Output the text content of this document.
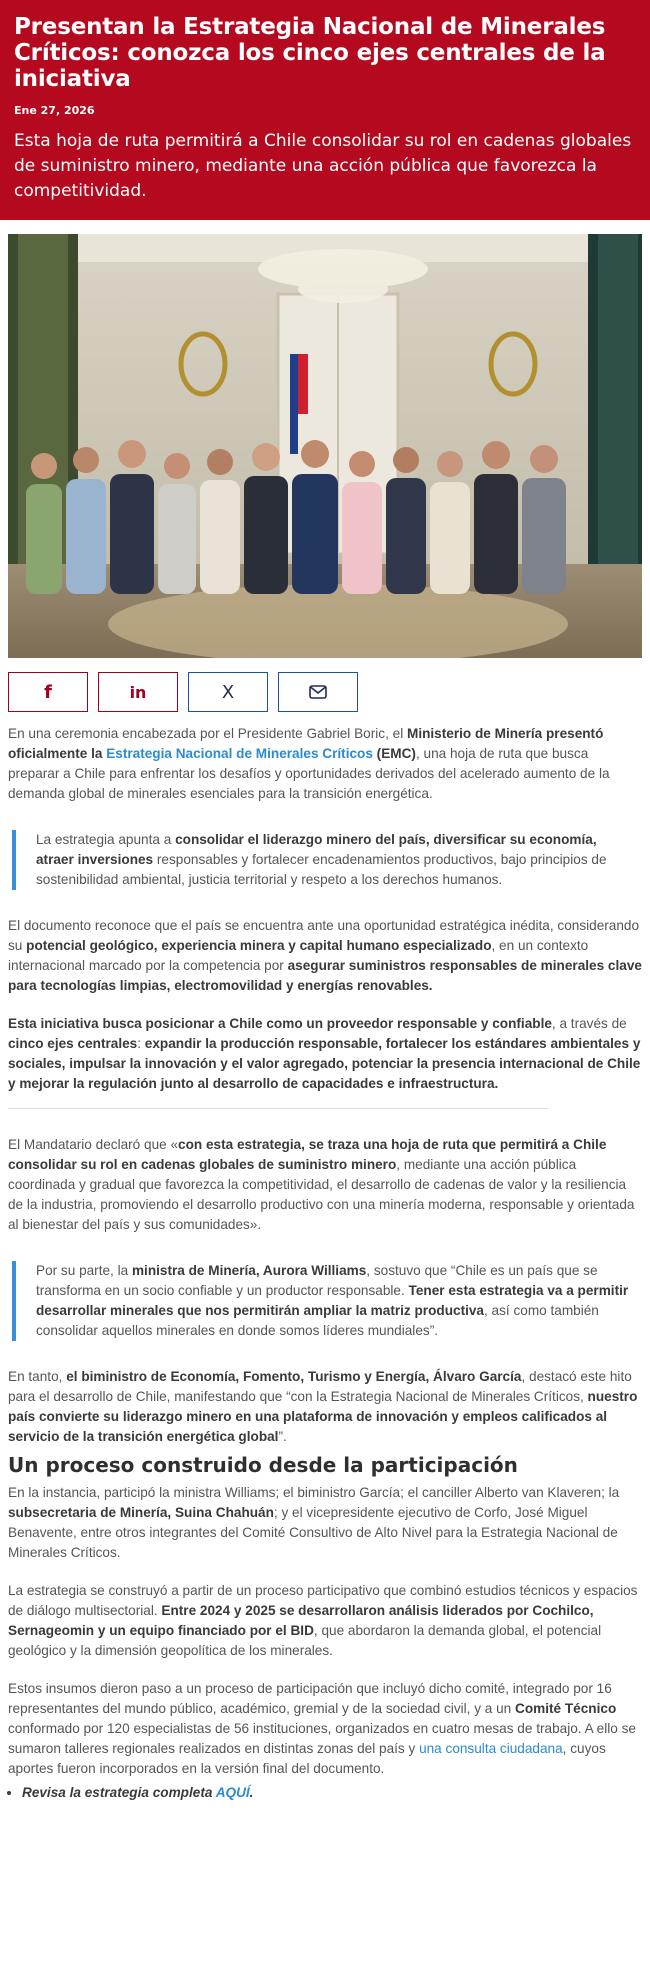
Presentan la Estrategia Nacional de Minerales Críticos: conozca los cinco ejes centrales de la iniciativa
Ene 27, 2026
Esta hoja de ruta permitirá a Chile consolidar su rol en cadenas globales de suministro minero, mediante una acción pública que favorezca la competitividad.
f	in	X

En una ceremonia encabezada por el Presidente Gabriel Boric, el Ministerio de Minería presentó oficialmente la Estrategia Nacional de Minerales Críticos (EMC), una hoja de ruta que busca preparar a Chile para enfrentar los desafíos y oportunidades derivados del acelerado aumento de la demanda global de minerales esenciales para la transición energética.

La estrategia apunta a consolidar el liderazgo minero del país, diversificar su economía, atraer inversiones responsables y fortalecer encadenamientos productivos, bajo principios de sostenibilidad ambiental, justicia territorial y respeto a los derechos humanos.

El documento reconoce que el país se encuentra ante una oportunidad estratégica inédita, considerando su potencial geológico, experiencia minera y capital humano especializado, en un contexto internacional marcado por la competencia por asegurar suministros responsables de minerales clave para tecnologías limpias, electromovilidad y energías renovables.

Esta iniciativa busca posicionar a Chile como un proveedor responsable y confiable, a través de cinco ejes centrales: expandir la producción responsable, fortalecer los estándares ambientales y sociales, impulsar la innovación y el valor agregado, potenciar la presencia internacional de Chile y mejorar la regulación junto al desarrollo de capacidades e infraestructura.

El Mandatario declaró que «con esta estrategia, se traza una hoja de ruta que permitirá a Chile consolidar su rol en cadenas globales de suministro minero, mediante una acción pública coordinada y gradual que favorezca la competitividad, el desarrollo de cadenas de valor y la resiliencia de la industria, promoviendo el desarrollo productivo con una minería moderna, responsable y orientada al bienestar del país y sus comunidades».

Por su parte, la ministra de Minería, Aurora Williams, sostuvo que “Chile es un país que se transforma en un socio confiable y un productor responsable. Tener esta estrategia va a permitir desarrollar minerales que nos permitirán ampliar la matriz productiva, así como también consolidar aquellos minerales en donde somos líderes mundiales”.

En tanto, el biministro de Economía, Fomento, Turismo y Energía, Álvaro García, destacó este hito para el desarrollo de Chile, manifestando que “con la Estrategia Nacional de Minerales Críticos, nuestro país convierte su liderazgo minero en una plataforma de innovación y empleos calificados al servicio de la transición energética global”.

Un proceso construido desde la participación

En la instancia, participó la ministra Williams; el biministro García; el canciller Alberto van Klaveren; la subsecretaria de Minería, Suina Chahuán; y el vicepresidente ejecutivo de Corfo, José Miguel Benavente, entre otros integrantes del Comité Consultivo de Alto Nivel para la Estrategia Nacional de Minerales Críticos.

La estrategia se construyó a partir de un proceso participativo que combinó estudios técnicos y espacios de diálogo multisectorial. Entre 2024 y 2025 se desarrollaron análisis liderados por Cochilco, Sernageomin y un equipo financiado por el BID, que abordaron la demanda global, el potencial geológico y la dimensión geopolítica de los minerales.

Estos insumos dieron paso a un proceso de participación que incluyó dicho comité, integrado por 16 representantes del mundo público, académico, gremial y de la sociedad civil, y a un Comité Técnico conformado por 120 especialistas de 56 instituciones, organizados en cuatro mesas de trabajo. A ello se sumaron talleres regionales realizados en distintas zonas del país y una consulta ciudadana, cuyos aportes fueron incorporados en la versión final del documento.

• Revisa la estrategia completa AQUÍ.
